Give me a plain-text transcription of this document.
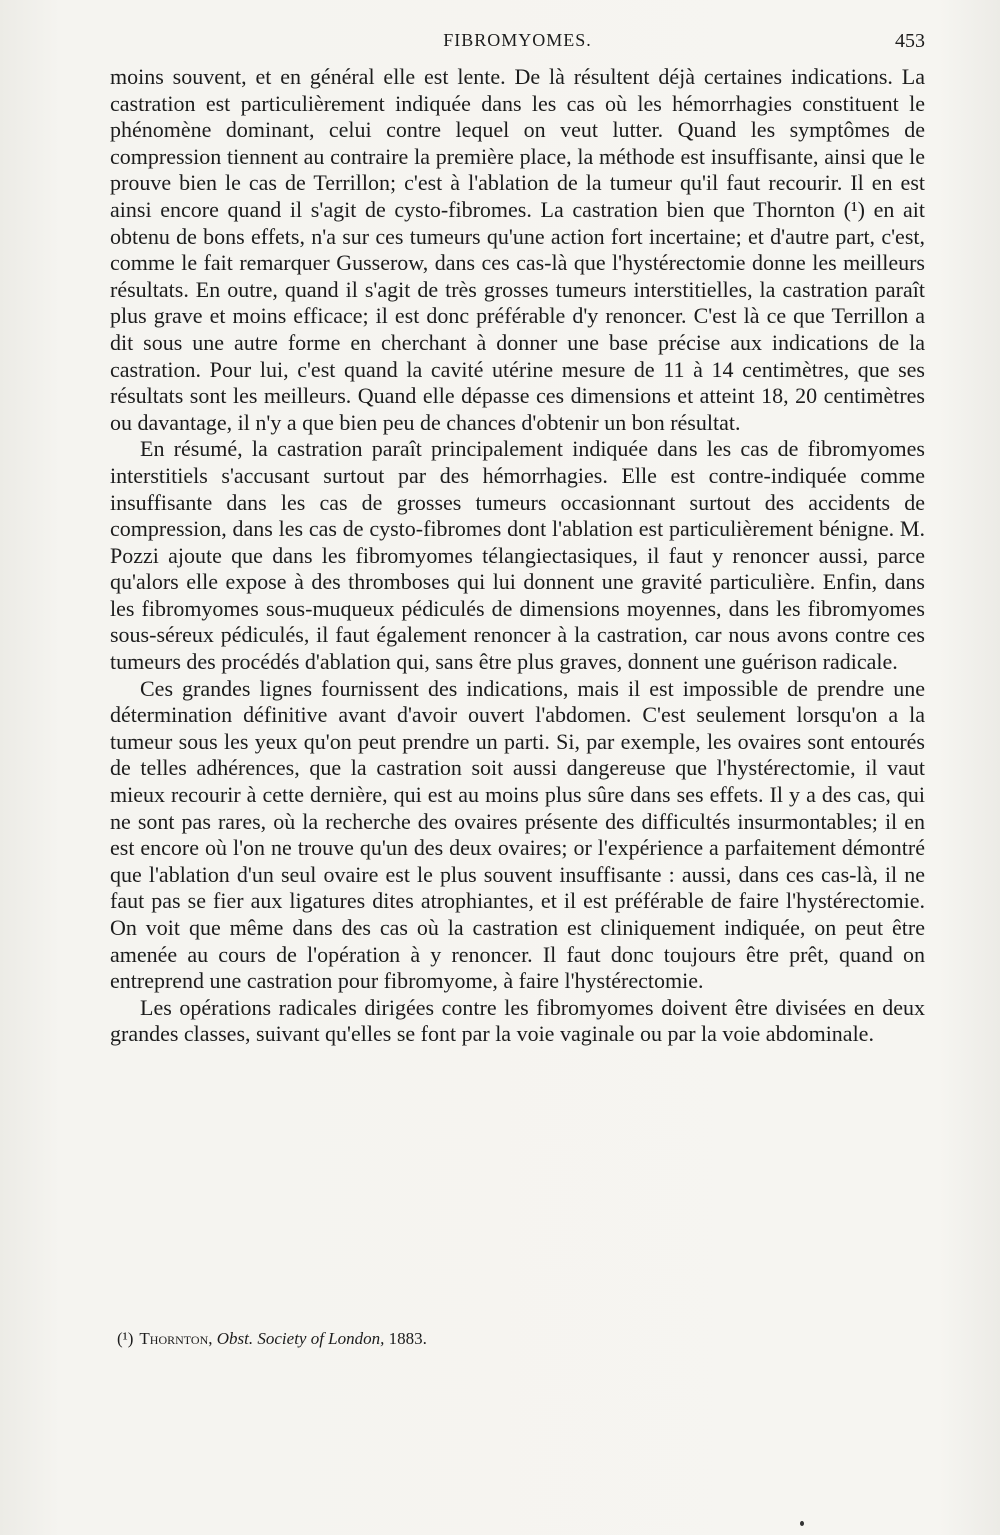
FIBROMYOMES.	453

moins souvent, et en général elle est lente. De là résultent déjà certaines indications. La castration est particulièrement indiquée dans les cas où les hémorrhagies constituent le phénomène dominant, celui contre lequel on veut lutter. Quand les symptômes de compression tiennent au contraire la première place, la méthode est insuffisante, ainsi que le prouve bien le cas de Terrillon; c'est à l'ablation de la tumeur qu'il faut recourir. Il en est ainsi encore quand il s'agit de cysto-fibromes. La castration bien que Thornton (¹) en ait obtenu de bons effets, n'a sur ces tumeurs qu'une action fort incertaine; et d'autre part, c'est, comme le fait remarquer Gusserow, dans ces cas-là que l'hystérectomie donne les meilleurs résultats. En outre, quand il s'agit de très grosses tumeurs interstitielles, la castration paraît plus grave et moins efficace; il est donc préférable d'y renoncer. C'est là ce que Terrillon a dit sous une autre forme en cherchant à donner une base précise aux indications de la castration. Pour lui, c'est quand la cavité utérine mesure de 11 à 14 centimètres, que ses résultats sont les meilleurs. Quand elle dépasse ces dimensions et atteint 18, 20 centimètres ou davantage, il n'y a que bien peu de chances d'obtenir un bon résultat.

En résumé, la castration paraît principalement indiquée dans les cas de fibromyomes interstitiels s'accusant surtout par des hémorrhagies. Elle est contre-indiquée comme insuffisante dans les cas de grosses tumeurs occasionnant surtout des accidents de compression, dans les cas de cysto-fibromes dont l'ablation est particulièrement bénigne. M. Pozzi ajoute que dans les fibromyomes télangiectasiques, il faut y renoncer aussi, parce qu'alors elle expose à des thromboses qui lui donnent une gravité particulière. Enfin, dans les fibromyomes sous-muqueux pédiculés de dimensions moyennes, dans les fibromyomes sous-séreux pédiculés, il faut également renoncer à la castration, car nous avons contre ces tumeurs des procédés d'ablation qui, sans être plus graves, donnent une guérison radicale.

Ces grandes lignes fournissent des indications, mais il est impossible de prendre une détermination définitive avant d'avoir ouvert l'abdomen. C'est seulement lorsqu'on a la tumeur sous les yeux qu'on peut prendre un parti. Si, par exemple, les ovaires sont entourés de telles adhérences, que la castration soit aussi dangereuse que l'hystérectomie, il vaut mieux recourir à cette dernière, qui est au moins plus sûre dans ses effets. Il y a des cas, qui ne sont pas rares, où la recherche des ovaires présente des difficultés insurmontables; il en est encore où l'on ne trouve qu'un des deux ovaires; or l'expérience a parfaitement démontré que l'ablation d'un seul ovaire est le plus souvent insuffisante : aussi, dans ces cas-là, il ne faut pas se fier aux ligatures dites atrophiantes, et il est préférable de faire l'hystérectomie. On voit que même dans des cas où la castration est cliniquement indiquée, on peut être amenée au cours de l'opération à y renoncer. Il faut donc toujours être prêt, quand on entreprend une castration pour fibromyome, à faire l'hystérectomie.

Les opérations radicales dirigées contre les fibromyomes doivent être divisées en deux grandes classes, suivant qu'elles se font par la voie vaginale ou par la voie abdominale.

(¹) Thornton, Obst. Society of London, 1883.
